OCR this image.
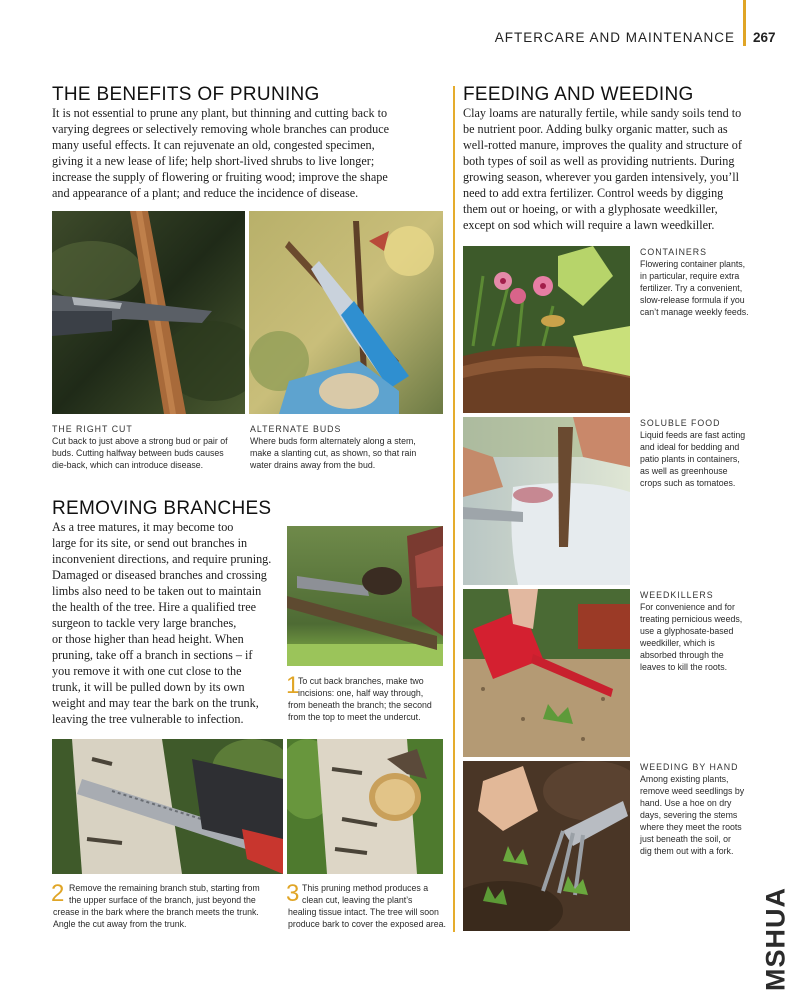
AFTERCARE AND MAINTENANCE 267
THE BENEFITS OF PRUNING
It is not essential to prune any plant, but thinning and cutting back to
varying degrees or selectively removing whole branches can produce
many useful effects. It can rejuvenate an old, congested specimen,
giving it a new lease of life; help short-lived shrubs to live longer;
increase the supply of flowering or fruiting wood; improve the shape
and appearance of a plant; and reduce the incidence of disease.
THE RIGHT CUT
Cut back to just above a strong bud or pair of
buds. Cutting halfway between buds causes
die-back, which can introduce disease.
ALTERNATE BUDS
Where buds form alternately along a stem,
make a slanting cut, as shown, so that rain
water drains away from the bud.
REMOVING BRANCHES
As a tree matures, it may become too
large for its site, or send out branches in
inconvenient directions, and require pruning.
Damaged or diseased branches and crossing
limbs also need to be taken out to maintain
the health of the tree. Hire a qualified tree
surgeon to tackle very large branches,
or those higher than head height. When
pruning, take off a branch in sections – if
you remove it with one cut close to the
trunk, it will be pulled down by its own
weight and may tear the bark on the trunk,
leaving the tree vulnerable to infection.
1
To cut back branches, make two
incisions: one, half way through,
from beneath the branch; the second
from the top to meet the undercut.
2 Remove the remaining branch stub, starting from
the upper surface of the branch, just beyond the
crease in the bark where the branch meets the trunk.
Angle the cut away from the trunk.
3 This pruning method produces a
clean cut, leaving the plant’s
healing tissue intact. The tree will soon
produce bark to cover the exposed area.
FEEDING AND WEEDING
Clay loams are naturally fertile, while sandy soils tend to
be nutrient poor. Adding bulky organic matter, such as
well-rotted manure, improves the quality and structure of
both types of soil as well as providing nutrients. During
growing season, wherever you garden intensively, you’ll
need to add extra fertilizer. Control weeds by digging
them out or hoeing, or with a glyphosate weedkiller,
except on sod which will require a lawn weedkiller.
CONTAINERS
Flowering container plants,
in particular, require extra
fertilizer. Try a convenient,
slow-release formula if you
can’t manage weekly feeds.
SOLUBLE FOOD
Liquid feeds are fast acting
and ideal for bedding and
patio plants in containers,
as well as greenhouse
crops such as tomatoes.
WEEDKILLERS
For convenience and for
treating pernicious weeds,
use a glyphosate-based
weedkiller, which is
absorbed through the
leaves to kill the roots.
WEEDING BY HAND
Among existing plants,
remove weed seedlings by
hand. Use a hoe on dry
days, severing the stems
where they meet the roots
just beneath the soil, or
dig them out with a fork.
MSHUA
